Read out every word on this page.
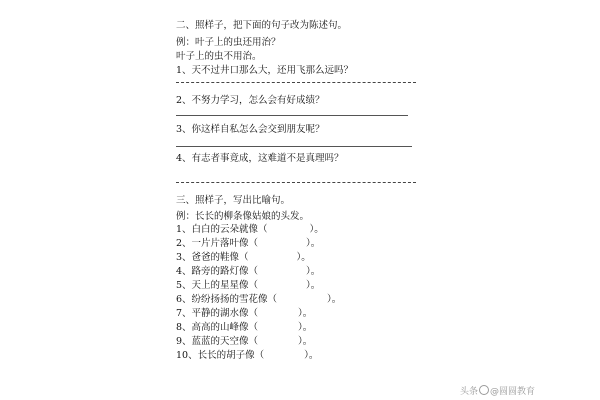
二、照样子，把下面的句子改为陈述句。
例：叶子上的虫还用治？
叶子上的虫不用治。
1、天不过井口那么大，还用飞那么远吗？
2、不努力学习，怎么会有好成绩？
3、你这样自私怎么会交到朋友呢？
4、有志者事竟成，这难道不是真理吗？
三、照样子，写出比喻句。
例：长长的柳条像姑娘的头发。
1、白白的云朵就像（	）。
2、一片片落叶像（	）。
3、爸爸的鞋像（	）。
4、路旁的路灯像（	）。
5、天上的星星像（	）。
6、纷纷扬扬的雪花像（	）。
7、平静的湖水像（	）。
8、高高的山峰像（	）。
9、蓝蓝的天空像（	）。
10、长长的胡子像（	）。
头条 @圆圆教育
